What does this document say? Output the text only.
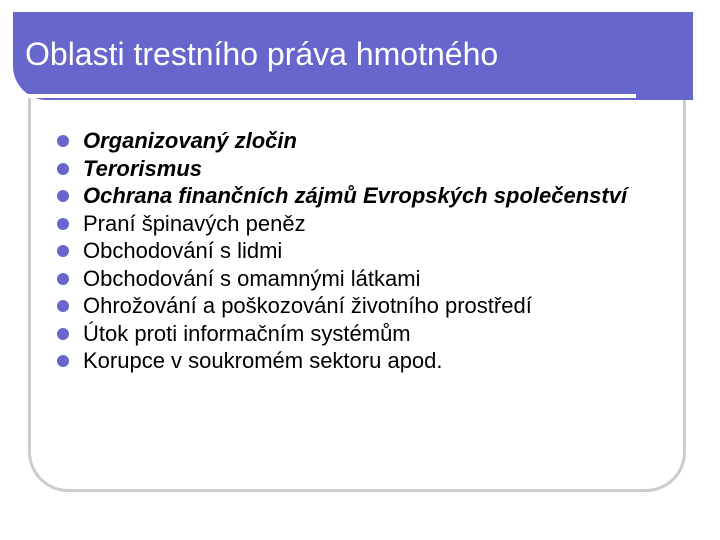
Oblasti trestního práva hmotného
Organizovaný zločin
Terorismus
Ochrana finančních zájmů Evropských společenství
Praní špinavých peněz
Obchodování s lidmi
Obchodování s omamnými látkami
Ohrožování a poškozování životního prostředí
Útok proti informačním systémům
Korupce v soukromém sektoru apod.
